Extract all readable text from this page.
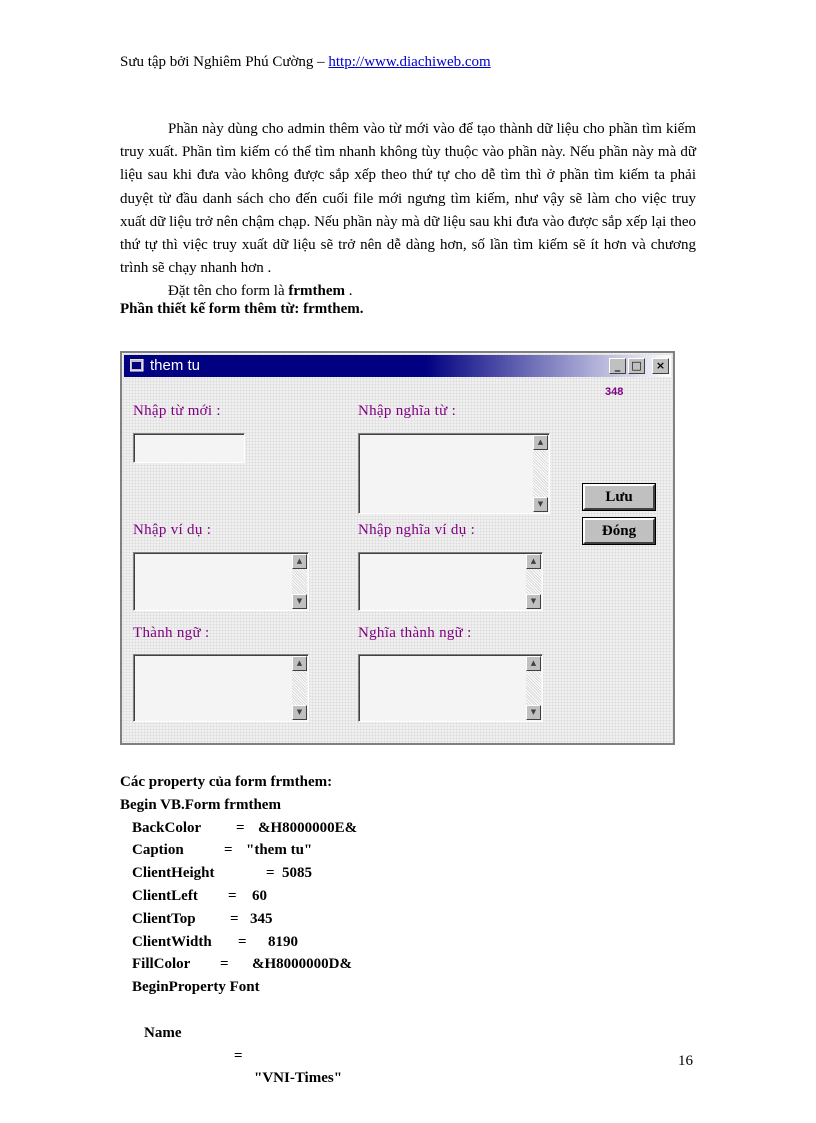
Sưu tập bởi Nghiêm Phú Cường – http://www.diachiweb.com

Phần này dùng cho admin thêm vào từ mới vào để tạo thành dữ liệu cho phần tìm kiếm truy xuất. Phần tìm kiếm có thể tìm nhanh không tùy thuộc vào phần này. Nếu phần này mà dữ liệu sau khi đưa vào không được sắp xếp theo thứ tự cho dễ tìm thì ở phần tìm kiếm ta phải duyệt từ đầu danh sách cho đến cuối file mới ngưng tìm kiếm, như vậy sẽ làm cho việc truy xuất dữ liệu trở nên chậm chạp. Nếu phần này mà dữ liệu sau khi đưa vào được sắp xếp lại theo thứ tự thì việc truy xuất dữ liệu sẽ trở nên dễ dàng hơn, số lần tìm kiếm sẽ ít hơn và chương trình sẽ chạy nhanh hơn .

Đặt tên cho form là frmthem .

Phần thiết kế form thêm từ: frmthem.
them tu	_	□	×
348
Nhập từ mới :	Nhập nghĩa từ :
▲
▼	Lưu
Đóng
Nhập ví dụ :	Nhập nghĩa ví dụ :
▲
▼
▲
▼
Thành ngữ :	Nghĩa thành ngữ :
▲
▼
▲
▼
Các property của form frmthem:
Begin VB.Form frmthem
BackColor = &H8000000E&
Caption	= "them tu"
ClientHeight	= 5085
ClientLeft = 60
ClientTop = 345
ClientWidth = 8190
FillColor = &H8000000D&
BeginProperty Font

Name

=

"VNI-Times"

16
